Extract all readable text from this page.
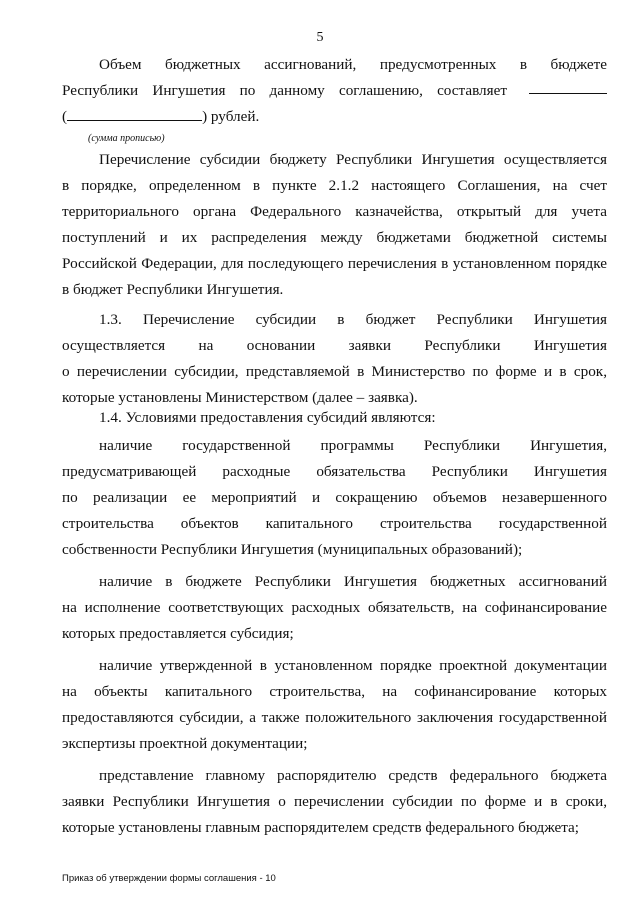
5
Объем бюджетных ассигнований, предусмотренных в бюджете
Республики Ингушетия по данному соглашению, составляет
(	) рублей.
(сумма прописью)
Перечисление субсидии бюджету Республики Ингушетия осуществляется
в порядке, определенном в пункте 2.1.2 настоящего Соглашения, на счет
территориального органа Федерального казначейства, открытый для учета
поступлений и их распределения между бюджетами бюджетной системы
Российской Федерации, для последующего перечисления в установленном порядке
в бюджет Республики Ингушетия.
1.3. Перечисление субсидии в бюджет Республики Ингушетия
осуществляется на основании заявки Республики Ингушетия
о перечислении субсидии, представляемой в Министерство по форме и в срок,
которые установлены Министерством (далее – заявка).
1.4. Условиями предоставления субсидий являются:
наличие государственной программы Республики Ингушетия,
предусматривающей расходные обязательства Республики Ингушетия
по реализации ее мероприятий и сокращению объемов незавершенного
строительства объектов капитального строительства государственной
собственности Республики Ингушетия (муниципальных образований);
наличие в бюджете Республики Ингушетия бюджетных ассигнований
на исполнение соответствующих расходных обязательств, на софинансирование
которых предоставляется субсидия;
наличие утвержденной в установленном порядке проектной документации
на объекты капитального строительства, на софинансирование которых
предоставляются субсидии, а также положительного заключения государственной
экспертизы проектной документации;
представление главному распорядителю средств федерального бюджета
заявки Республики Ингушетия о перечислении субсидии по форме и в сроки,
которые установлены главным распорядителем средств федерального бюджета;
Приказ об утверждении формы соглашения - 10
